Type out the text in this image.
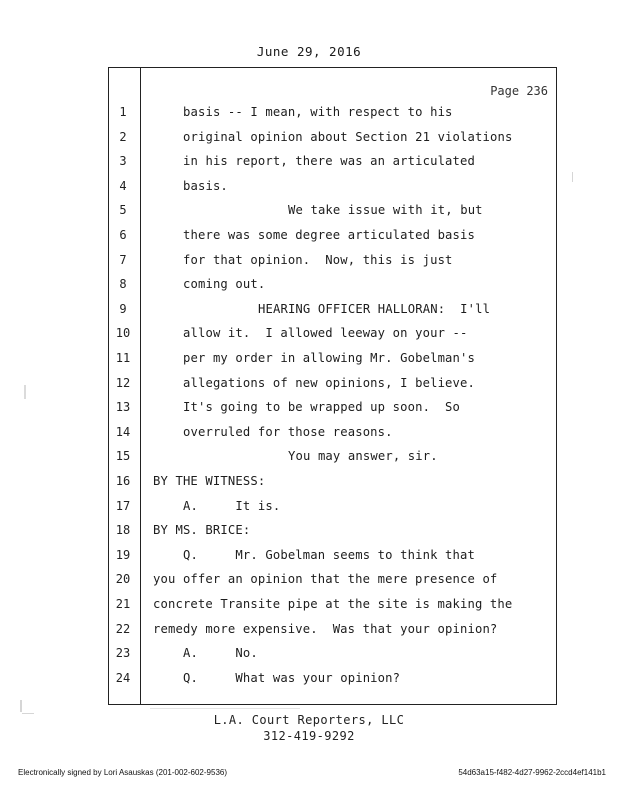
June 29, 2016
Page 236
1	basis -- I mean, with respect to his
2	original opinion about Section 21 violations
3	in his report, there was an articulated
4	basis.
5	We take issue with it, but
6	there was some degree articulated basis
7	for that opinion.  Now, this is just
8	coming out.
9	HEARING OFFICER HALLORAN:  I'll
10	allow it.  I allowed leeway on your --
11	per my order in allowing Mr. Gobelman's
12	allegations of new opinions, I believe.
13	It's going to be wrapped up soon.  So
14	overruled for those reasons.
15	You may answer, sir.
16	BY THE WITNESS:
17	A.     It is.
18	BY MS. BRICE:
19	Q.     Mr. Gobelman seems to think that
20	you offer an opinion that the mere presence of
21	concrete Transite pipe at the site is making the
22	remedy more expensive.  Was that your opinion?
23	A.     No.
24	Q.     What was your opinion?
L.A. Court Reporters, LLC
312-419-9292
Electronically signed by Lori Asauskas (201-002-602-9536)	54d63a15-f482-4d27-9962-2ccd4ef141b1
